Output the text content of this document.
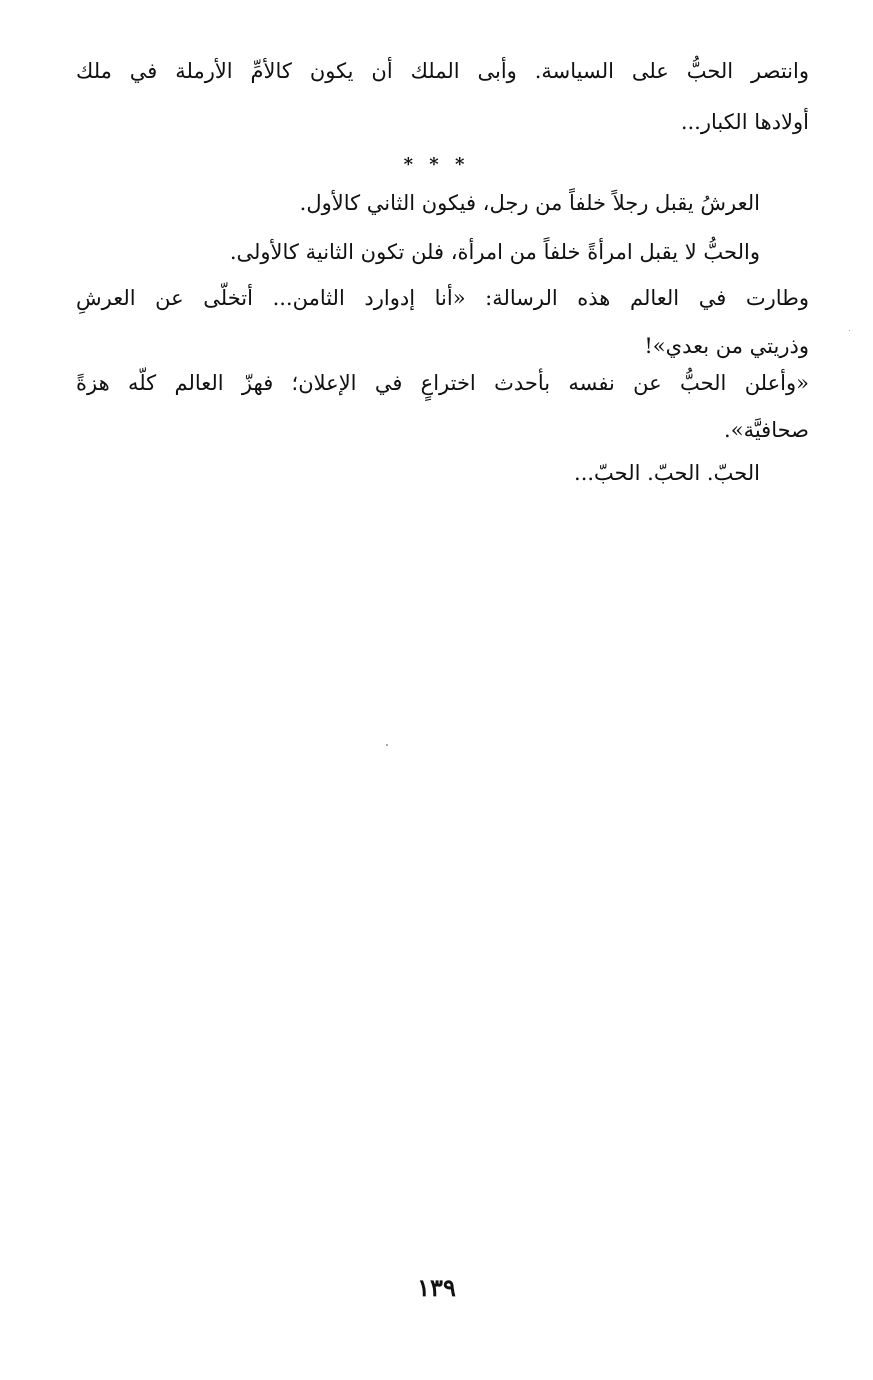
وانتصر الحبُّ على السياسة. وأبى الملك أن يكون كالأمِّ الأرملة في ملك
أولادها الكبار...
* * *
العرشُ يقبل رجلاً خلفاً من رجل، فيكون الثاني كالأول.
والحبُّ لا يقبل امرأةً خلفاً من امرأة، فلن تكون الثانية كالأولى.
وطارت في العالم هذه الرسالة: «أنا إدوارد الثامن... أتخلّى عن العرشِ
وذريتي من بعدي»!
«وأعلن الحبُّ عن نفسه بأحدث اختراعٍ في الإعلان؛ فهزّ العالم كلّه هزةً
صحافيَّة».
الحبّ. الحبّ. الحبّ...
١٣٩
